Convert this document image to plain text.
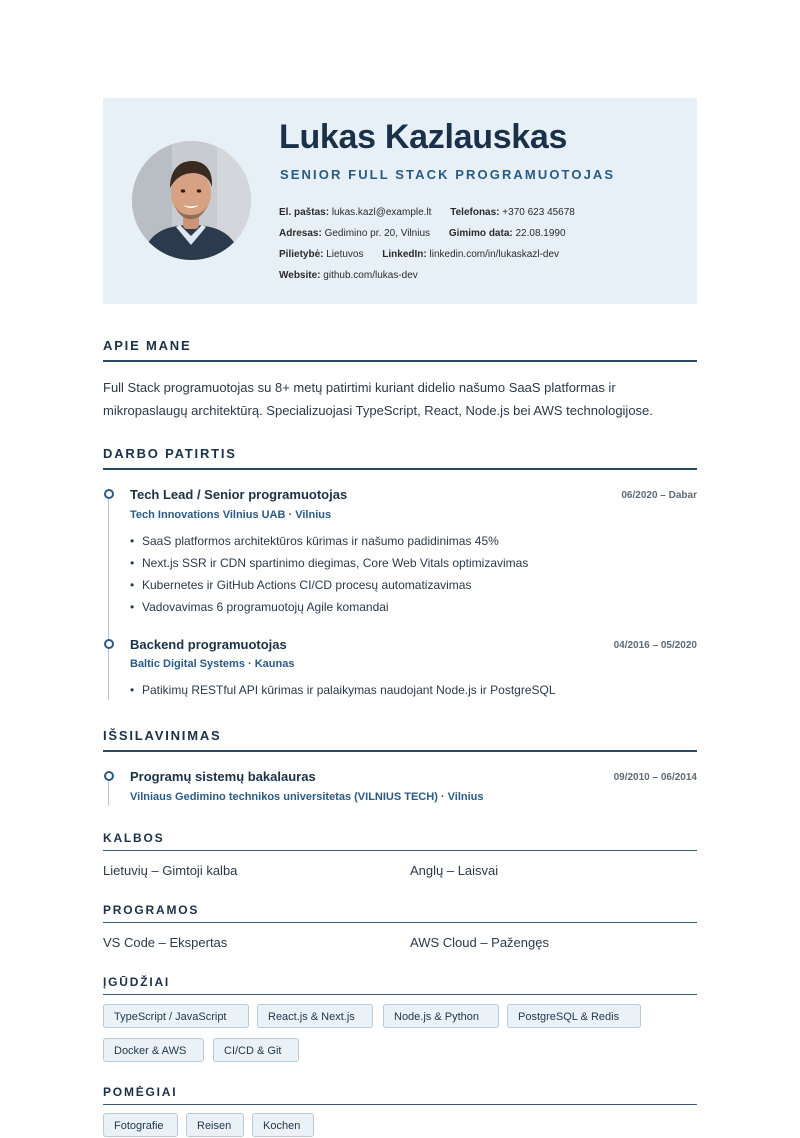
Lukas Kazlauskas
SENIOR FULL STACK PROGRAMUOTOJAS
El. paštas: lukas.kazl@example.lt Telefonas: +370 623 45678
Adresas: Gedimino pr. 20, Vilnius Gimimo data: 22.08.1990
Pilietybė: Lietuvos LinkedIn: linkedin.com/in/lukaskazl-dev
Website: github.com/lukas-dev
APIE MANE
Full Stack programuotojas su 8+ metų patirtimi kuriant didelio našumo SaaS platformas ir mikropaslaugų architektūrą. Specializuojasi TypeScript, React, Node.js bei AWS technologijose.
DARBO PATIRTIS
Tech Lead / Senior programuotojas	06/2020 – Dabar
Tech Innovations Vilnius UAB · Vilnius
• SaaS platformos architektūros kūrimas ir našumo padidinimas 45%
• Next.js SSR ir CDN spartinimo diegimas, Core Web Vitals optimizavimas
• Kubernetes ir GitHub Actions CI/CD procesų automatizavimas
• Vadovavimas 6 programuotojų Agile komandai
Backend programuotojas	04/2016 – 05/2020
Baltic Digital Systems · Kaunas
• Patikimų RESTful API kūrimas ir palaikymas naudojant Node.js ir PostgreSQL
IŠSILAVINIMAS
Programų sistemų bakalauras	09/2010 – 06/2014
Vilniaus Gedimino technikos universitetas (VILNIUS TECH) · Vilnius
KALBOS
Lietuvių – Gimtoji kalba	Anglų – Laisvai
PROGRAMOS
VS Code – Ekspertas	AWS Cloud – Pažengęs
ĮGŪDŽIAI
TypeScript / JavaScript	React.js & Next.js	Node.js & Python	PostgreSQL & Redis
Docker & AWS	CI/CD & Git
POMĖGIAI
Fotografie	Reisen	Kochen
